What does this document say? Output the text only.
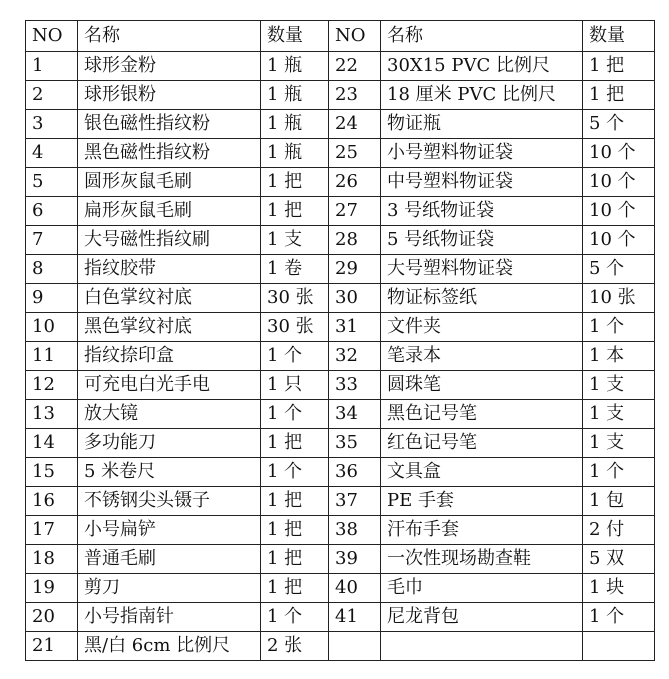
NO	名称	数量	NO	名称	数量
1	球形金粉	1 瓶	22	30X15 PVC 比例尺	1 把
2	球形银粉	1 瓶	23	18 厘米 PVC 比例尺	1 把
3	银色磁性指纹粉	1 瓶	24	物证瓶	5 个
4	黑色磁性指纹粉	1 瓶	25	小号塑料物证袋	10 个
5	圆形灰鼠毛刷	1 把	26	中号塑料物证袋	10 个
6	扁形灰鼠毛刷	1 把	27	3 号纸物证袋	10 个
7	大号磁性指纹刷	1 支	28	5 号纸物证袋	10 个
8	指纹胶带	1 卷	29	大号塑料物证袋	5 个
9	白色掌纹衬底	30 张	30	物证标签纸	10 张
10	黑色掌纹衬底	30 张	31	文件夹	1 个
11	指纹捺印盒	1 个	32	笔录本	1 本
12	可充电白光手电	1 只	33	圆珠笔	1 支
13	放大镜	1 个	34	黑色记号笔	1 支
14	多功能刀	1 把	35	红色记号笔	1 支
15	5 米卷尺	1 个	36	文具盒	1 个
16	不锈钢尖头镊子	1 把	37	PE 手套	1 包
17	小号扁铲	1 把	38	汗布手套	2 付
18	普通毛刷	1 把	39	一次性现场勘查鞋	5 双
19	剪刀	1 把	40	毛巾	1 块
20	小号指南针	1 个	41	尼龙背包	1 个
21	黑/白 6cm 比例尺	2 张			
